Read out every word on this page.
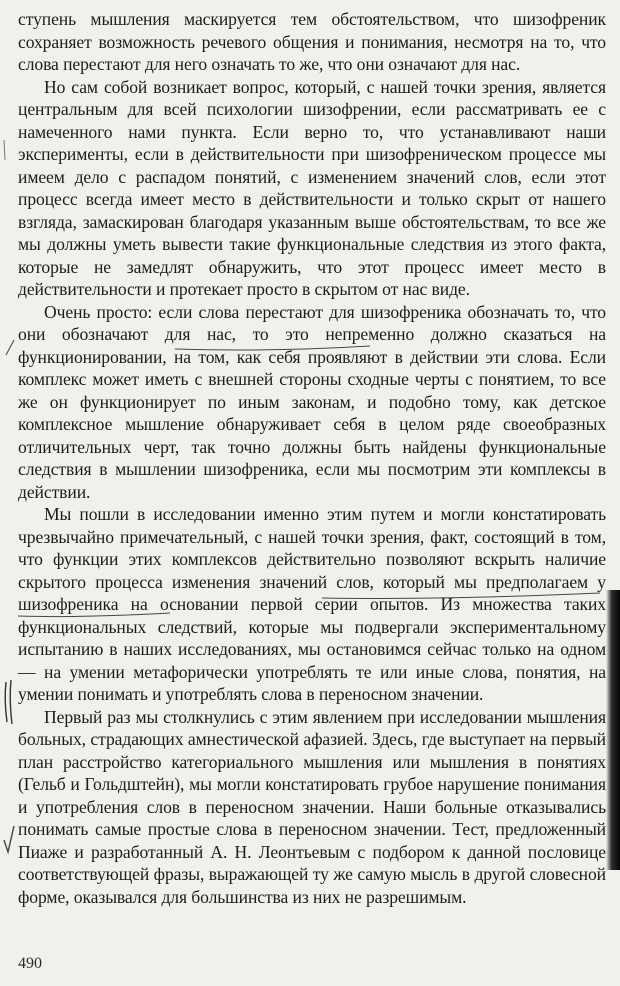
ступень мышления маскируется тем обстоятельством, что шизофреник сохраняет возможность речевого общения и понимания, несмотря на то, что слова перестают для него означать то же, что они означают для нас.

Но сам собой возникает вопрос, который, с нашей точки зрения, является центральным для всей психологии шизофрении, если рассматривать ее с намеченного нами пункта. Если верно то, что устанавливают наши эксперименты, если в действительности при шизофреническом процессе мы имеем дело с распадом понятий, с изменением значений слов, если этот процесс всегда имеет место в действительности и только скрыт от нашего взгляда, замаскирован благодаря указанным выше обстоятельствам, то все же мы должны уметь вывести такие функциональные следствия из этого факта, которые не замедлят обнаружить, что этот процесс имеет место в действительности и протекает просто в скрытом от нас виде.

Очень просто: если слова перестают для шизофреника обозначать то, что они обозначают для нас, то это непременно должно сказаться на функционировании, на том, как себя проявляют в действии эти слова. Если комплекс может иметь с внешней стороны сходные черты с понятием, то все же он функционирует по иным законам, и подобно тому, как детское комплексное мышление обнаруживает себя в целом ряде своеобразных отличительных черт, так точно должны быть найдены функциональные следствия в мышлении шизофреника, если мы посмотрим эти комплексы в действии.

Мы пошли в исследовании именно этим путем и могли констатировать чрезвычайно примечательный, с нашей точки зрения, факт, состоящий в том, что функции этих комплексов действительно позволяют вскрыть наличие скрытого процесса изменения значений слов, который мы предполагаем у шизофреника на основании первой серии опытов. Из множества таких функциональных следствий, которые мы подвергали экспериментальному испытанию в наших исследованиях, мы остановимся сейчас только на одном — на умении метафорически употреблять те или иные слова, понятия, на умении понимать и употреблять слова в переносном значении.

Первый раз мы столкнулись с этим явлением при исследовании мышления больных, страдающих амнестической афазией. Здесь, где выступает на первый план расстройство категориального мышления или мышления в понятиях (Гельб и Гольдштейн), мы могли констатировать грубое нарушение понимания и употребления слов в переносном значении. Наши больные отказывались понимать самые простые слова в переносном значении. Тест, предложенный Пиаже и разработанный А. Н. Леонтьевым с подбором к данной пословице соответствующей фразы, выражающей ту же самую мысль в другой словесной форме, оказывался для большинства из них не разрешимым.

490
